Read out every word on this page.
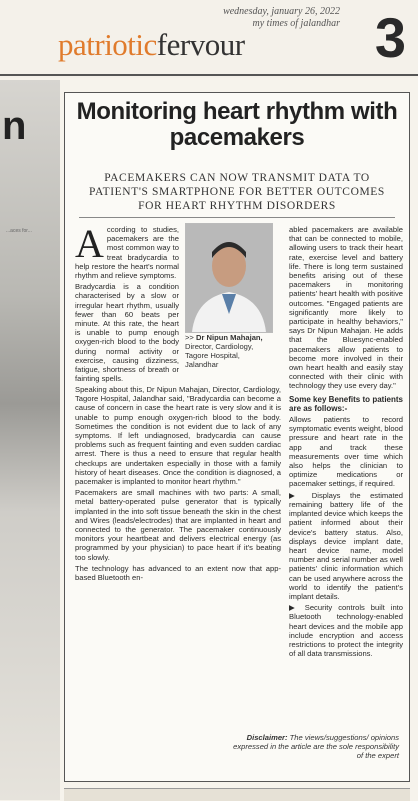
wednesday, january 26, 2022
my times of jalandhar
patrioticfervour 3
n
...aces for...
Monitoring heart rhythm with pacemakers
PACEMAKERS CAN NOW TRANSMIT DATA TO PATIENT'S SMARTPHONE FOR BETTER OUTCOMES FOR HEART RHYTHM DISORDERS

According to studies, pacemakers are the most common way to treat bradycardia to help restore the heart's normal rhythm and relieve symptoms.

Bradycardia is a condition characterised by a slow or irregular heart rhythm, usually fewer than 60 beats per minute. At this rate, the heart is unable to pump enough oxygen-rich blood to the body during normal activity or exercise, causing dizziness, fatigue, shortness of breath or fainting spells.

>> Dr Nipun Mahajan,
Director, Cardiology, Tagore Hospital, Jalandhar

Speaking about this, Dr Nipun Mahajan, Director, Cardiology, Tagore Hospital, Jalandhar said, "Bradycardia can become a cause of concern in case the heart rate is very slow and it is unable to pump enough oxygen-rich blood to the body. Sometimes the condition is not evident due to lack of any symptoms. If left undiagnosed, bradycardia can cause problems such as frequent fainting and even sudden cardiac arrest. There is thus a need to ensure that regular health checkups are undertaken especially in those with a family history of heart diseases. Once the condition is diagnosed, a pacemaker is implanted to monitor heart rhythm."

Pacemakers are small machines with two parts: A small, metal battery-operated pulse generator that is typically implanted in the into soft tissue beneath the skin in the chest and Wires (leads/electrodes) that are implanted in heart and connected to the generator. The pacemaker continuously monitors your heartbeat and delivers electrical energy (as programmed by your physician) to pace heart if it's beating too slowly.

The technology has advanced to an extent now that app-based Bluetooth en-

abled pacemakers are available that can be connected to mobile, allowing users to track their heart rate, exercise level and battery life. There is long term sustained benefits arising out of these pacemakers in monitoring patients' heart health with positive outcomes. "Engaged patients are significantly more likely to participate in healthy behaviors," says Dr Nipun Mahajan. He adds that the Bluesync-enabled pacemakers allow patients to become more involved in their own heart health and easily stay connected with their clinic with technology they use every day."

Some key Benefits to patients are as follows:-

Allows patients to record symptomatic events weight, blood pressure and heart rate in the app and track these measurements over time which also helps the clinician to optimize medications or pacemaker settings, if required.

▶ Displays the estimated remaining battery life of the implanted device which keeps the patient informed about their device's battery status. Also, displays device implant date, heart device name, model number and serial number as well patients' clinic information which can be used anywhere across the world to identify the patient's implant details.

▶ Security controls built into Bluetooth technology-enabled heart devices and the mobile app include encryption and access restrictions to protect the integrity of all data transmissions.

Disclaimer: The views/suggestions/ opinions expressed in the article are the sole responsibility of the expert
